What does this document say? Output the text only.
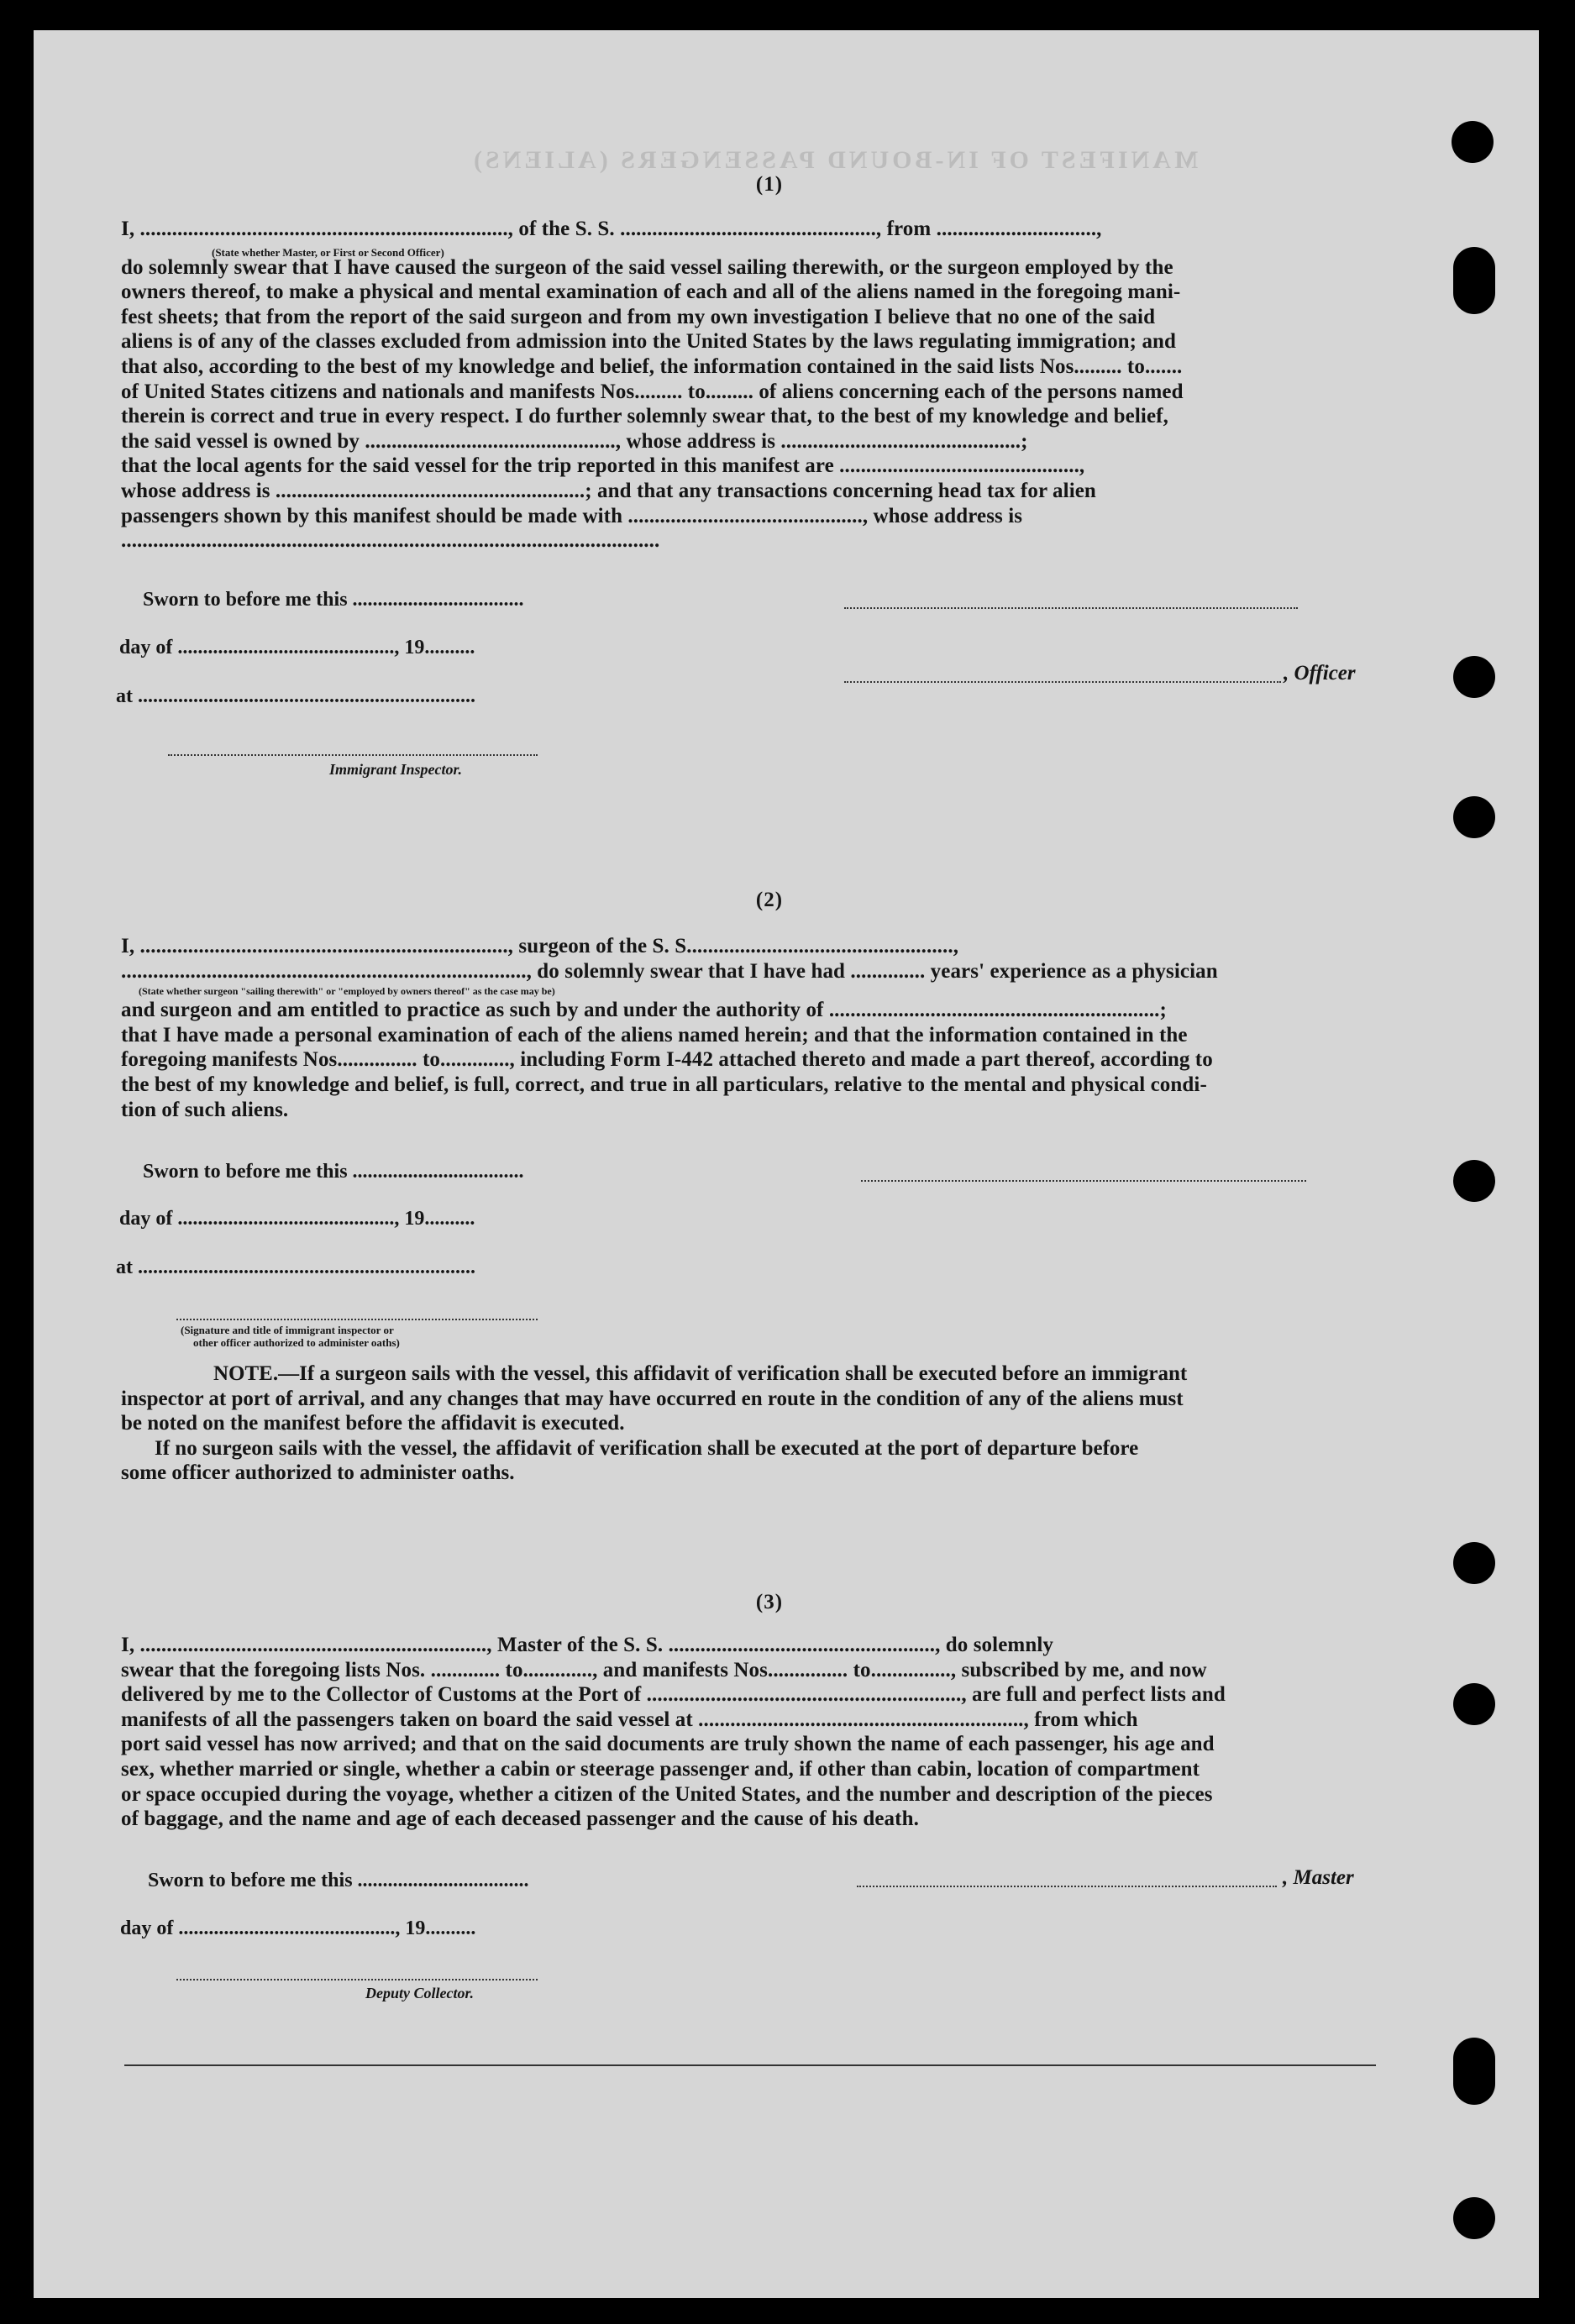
MANIFEST OF IN-BOUND PASSENGERS (ALIENS)
(1)
I, ....................................................................., of the S. S. ................................................, from ..............................,
do solemnly swear that I have caused the surgeon of the said vessel sailing therewith, or the surgeon employed by the
owners thereof, to make a physical and mental examination of each and all of the aliens named in the foregoing mani-
fest sheets; that from the report of the said surgeon and from my own investigation I believe that no one of the said
aliens is of any of the classes excluded from admission into the United States by the laws regulating immigration; and
that also, according to the best of my knowledge and belief, the information contained in the said lists Nos......... to.......
of United States citizens and nationals and manifests Nos......... to......... of aliens concerning each of the persons named
therein is correct and true in every respect. I do further solemnly swear that, to the best of my knowledge and belief,
the said vessel is owned by ..............................................., whose address is .............................................;
that the local agents for the said vessel for the trip reported in this manifest are .............................................,
whose address is ..........................................................; and that any transactions concerning head tax for alien
passengers shown by this manifest should be made with ............................................, whose address is
.....................................................................................................
(State whether Master, or First or Second Officer)
Sworn to before me this ..................................
day of ..........................................., 19..........
at ...................................................................
Immigrant Inspector.
, Officer
(2)
I, ....................................................................., surgeon of the S. S..................................................,
............................................................................, do solemnly swear that I have had .............. years' experience as a physician
and surgeon and am entitled to practice as such by and under the authority of ..............................................................;
that I have made a personal examination of each of the aliens named herein; and that the information contained in the
foregoing manifests Nos............... to............., including Form I-442 attached thereto and made a part thereof, according to
the best of my knowledge and belief, is full, correct, and true in all particulars, relative to the mental and physical condi-
tion of such aliens.
(State whether surgeon "sailing therewith" or "employed by owners thereof" as the case may be)
Sworn to before me this ..................................
day of ..........................................., 19..........
at ...................................................................
(Signature and title of immigrant inspector or
other officer authorized to administer oaths)
NOTE.—If a surgeon sails with the vessel, this affidavit of verification shall be executed before an immigrant
inspector at port of arrival, and any changes that may have occurred en route in the condition of any of the aliens must
be noted on the manifest before the affidavit is executed.
If no surgeon sails with the vessel, the affidavit of verification shall be executed at the port of departure before
some officer authorized to administer oaths.
(3)
I, ................................................................., Master of the S. S. .................................................., do solemnly
swear that the foregoing lists Nos. ............. to............., and manifests Nos............... to..............., subscribed by me, and now
delivered by me to the Collector of Customs at the Port of ..........................................................., are full and perfect lists and
manifests of all the passengers taken on board the said vessel at ............................................................., from which
port said vessel has now arrived; and that on the said documents are truly shown the name of each passenger, his age and
sex, whether married or single, whether a cabin or steerage passenger and, if other than cabin, location of compartment
or space occupied during the voyage, whether a citizen of the United States, and the number and description of the pieces
of baggage, and the name and age of each deceased passenger and the cause of his death.
Sworn to before me this ..................................
day of ..........................................., 19..........
Deputy Collector.
, Master
